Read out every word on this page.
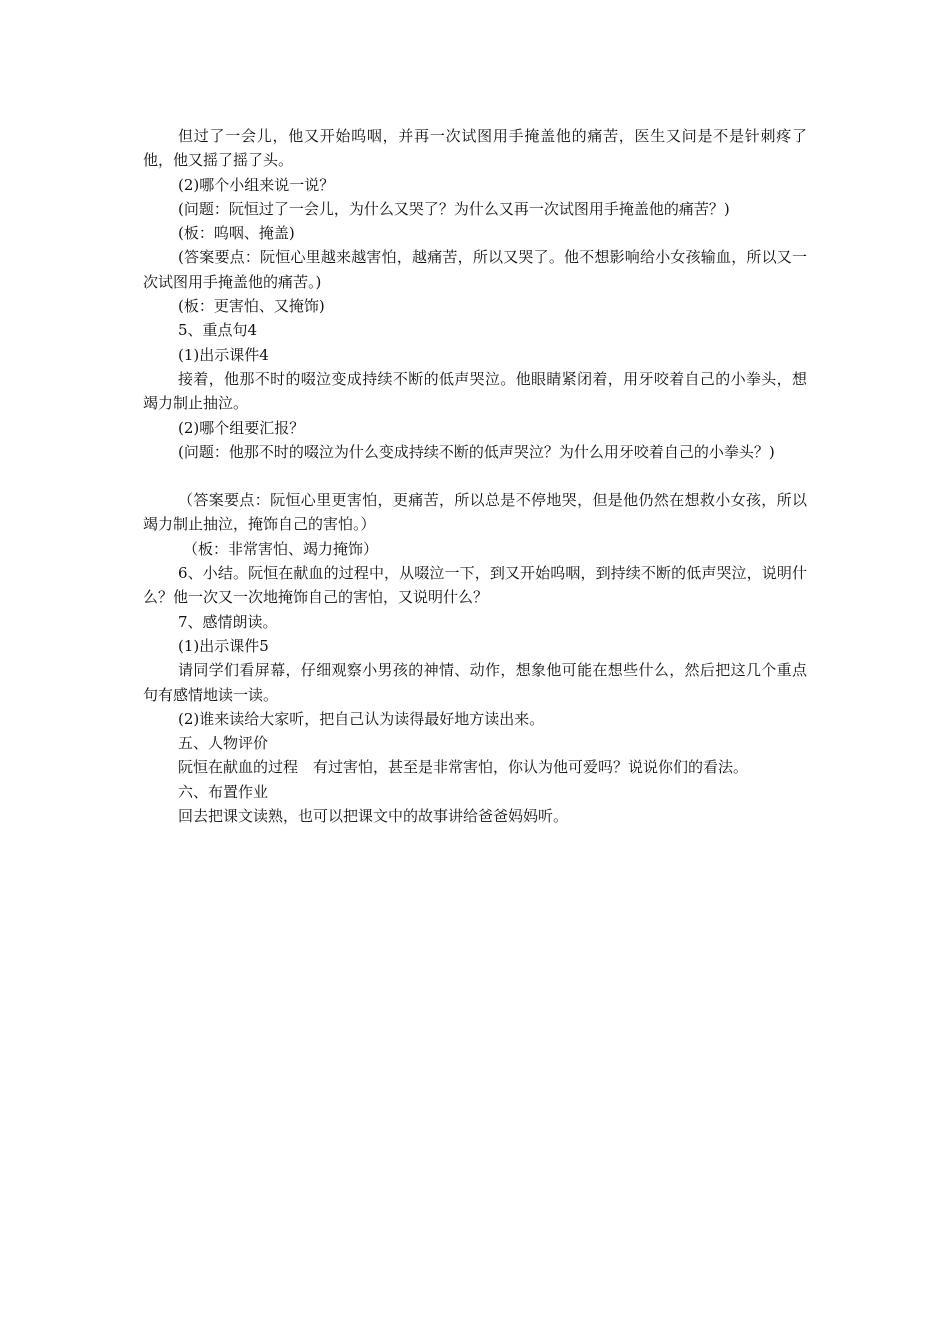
但过了一会儿，他又开始呜咽，并再一次试图用手掩盖他的痛苦，医生又问是不是针刺疼了他，他又摇了摇了头。

(2)哪个小组来说一说？

(问题：阮恒过了一会儿，为什么又哭了？为什么又再一次试图用手掩盖他的痛苦？)

(板：呜咽、掩盖)

(答案要点：阮恒心里越来越害怕，越痛苦，所以又哭了。他不想影响给小女孩输血，所以又一次试图用手掩盖他的痛苦。)

(板：更害怕、又掩饰)

5、重点句4

(1)出示课件4

接着，他那不时的啜泣变成持续不断的低声哭泣。他眼睛紧闭着，用牙咬着自己的小拳头，想竭力制止抽泣。

(2)哪个组要汇报？

(问题：他那不时的啜泣为什么变成持续不断的低声哭泣？为什么用牙咬着自己的小拳头？)

（答案要点：阮恒心里更害怕，更痛苦，所以总是不停地哭，但是他仍然在想救小女孩，所以竭力制止抽泣，掩饰自己的害怕。）

（板：非常害怕、竭力掩饰）

6、小结。阮恒在献血的过程中，从啜泣一下，到又开始呜咽，到持续不断的低声哭泣，说明什么？他一次又一次地掩饰自己的害怕，又说明什么？

7、感情朗读。

(1)出示课件5

请同学们看屏幕，仔细观察小男孩的神情、动作，想象他可能在想些什么，然后把这几个重点句有感情地读一读。

(2)谁来读给大家听，把自己认为读得最好地方读出来。

五、人物评价

阮恒在献血的过程　有过害怕，甚至是非常害怕，你认为他可爱吗？说说你们的看法。

六、布置作业

回去把课文读熟，也可以把课文中的故事讲给爸爸妈妈听。
